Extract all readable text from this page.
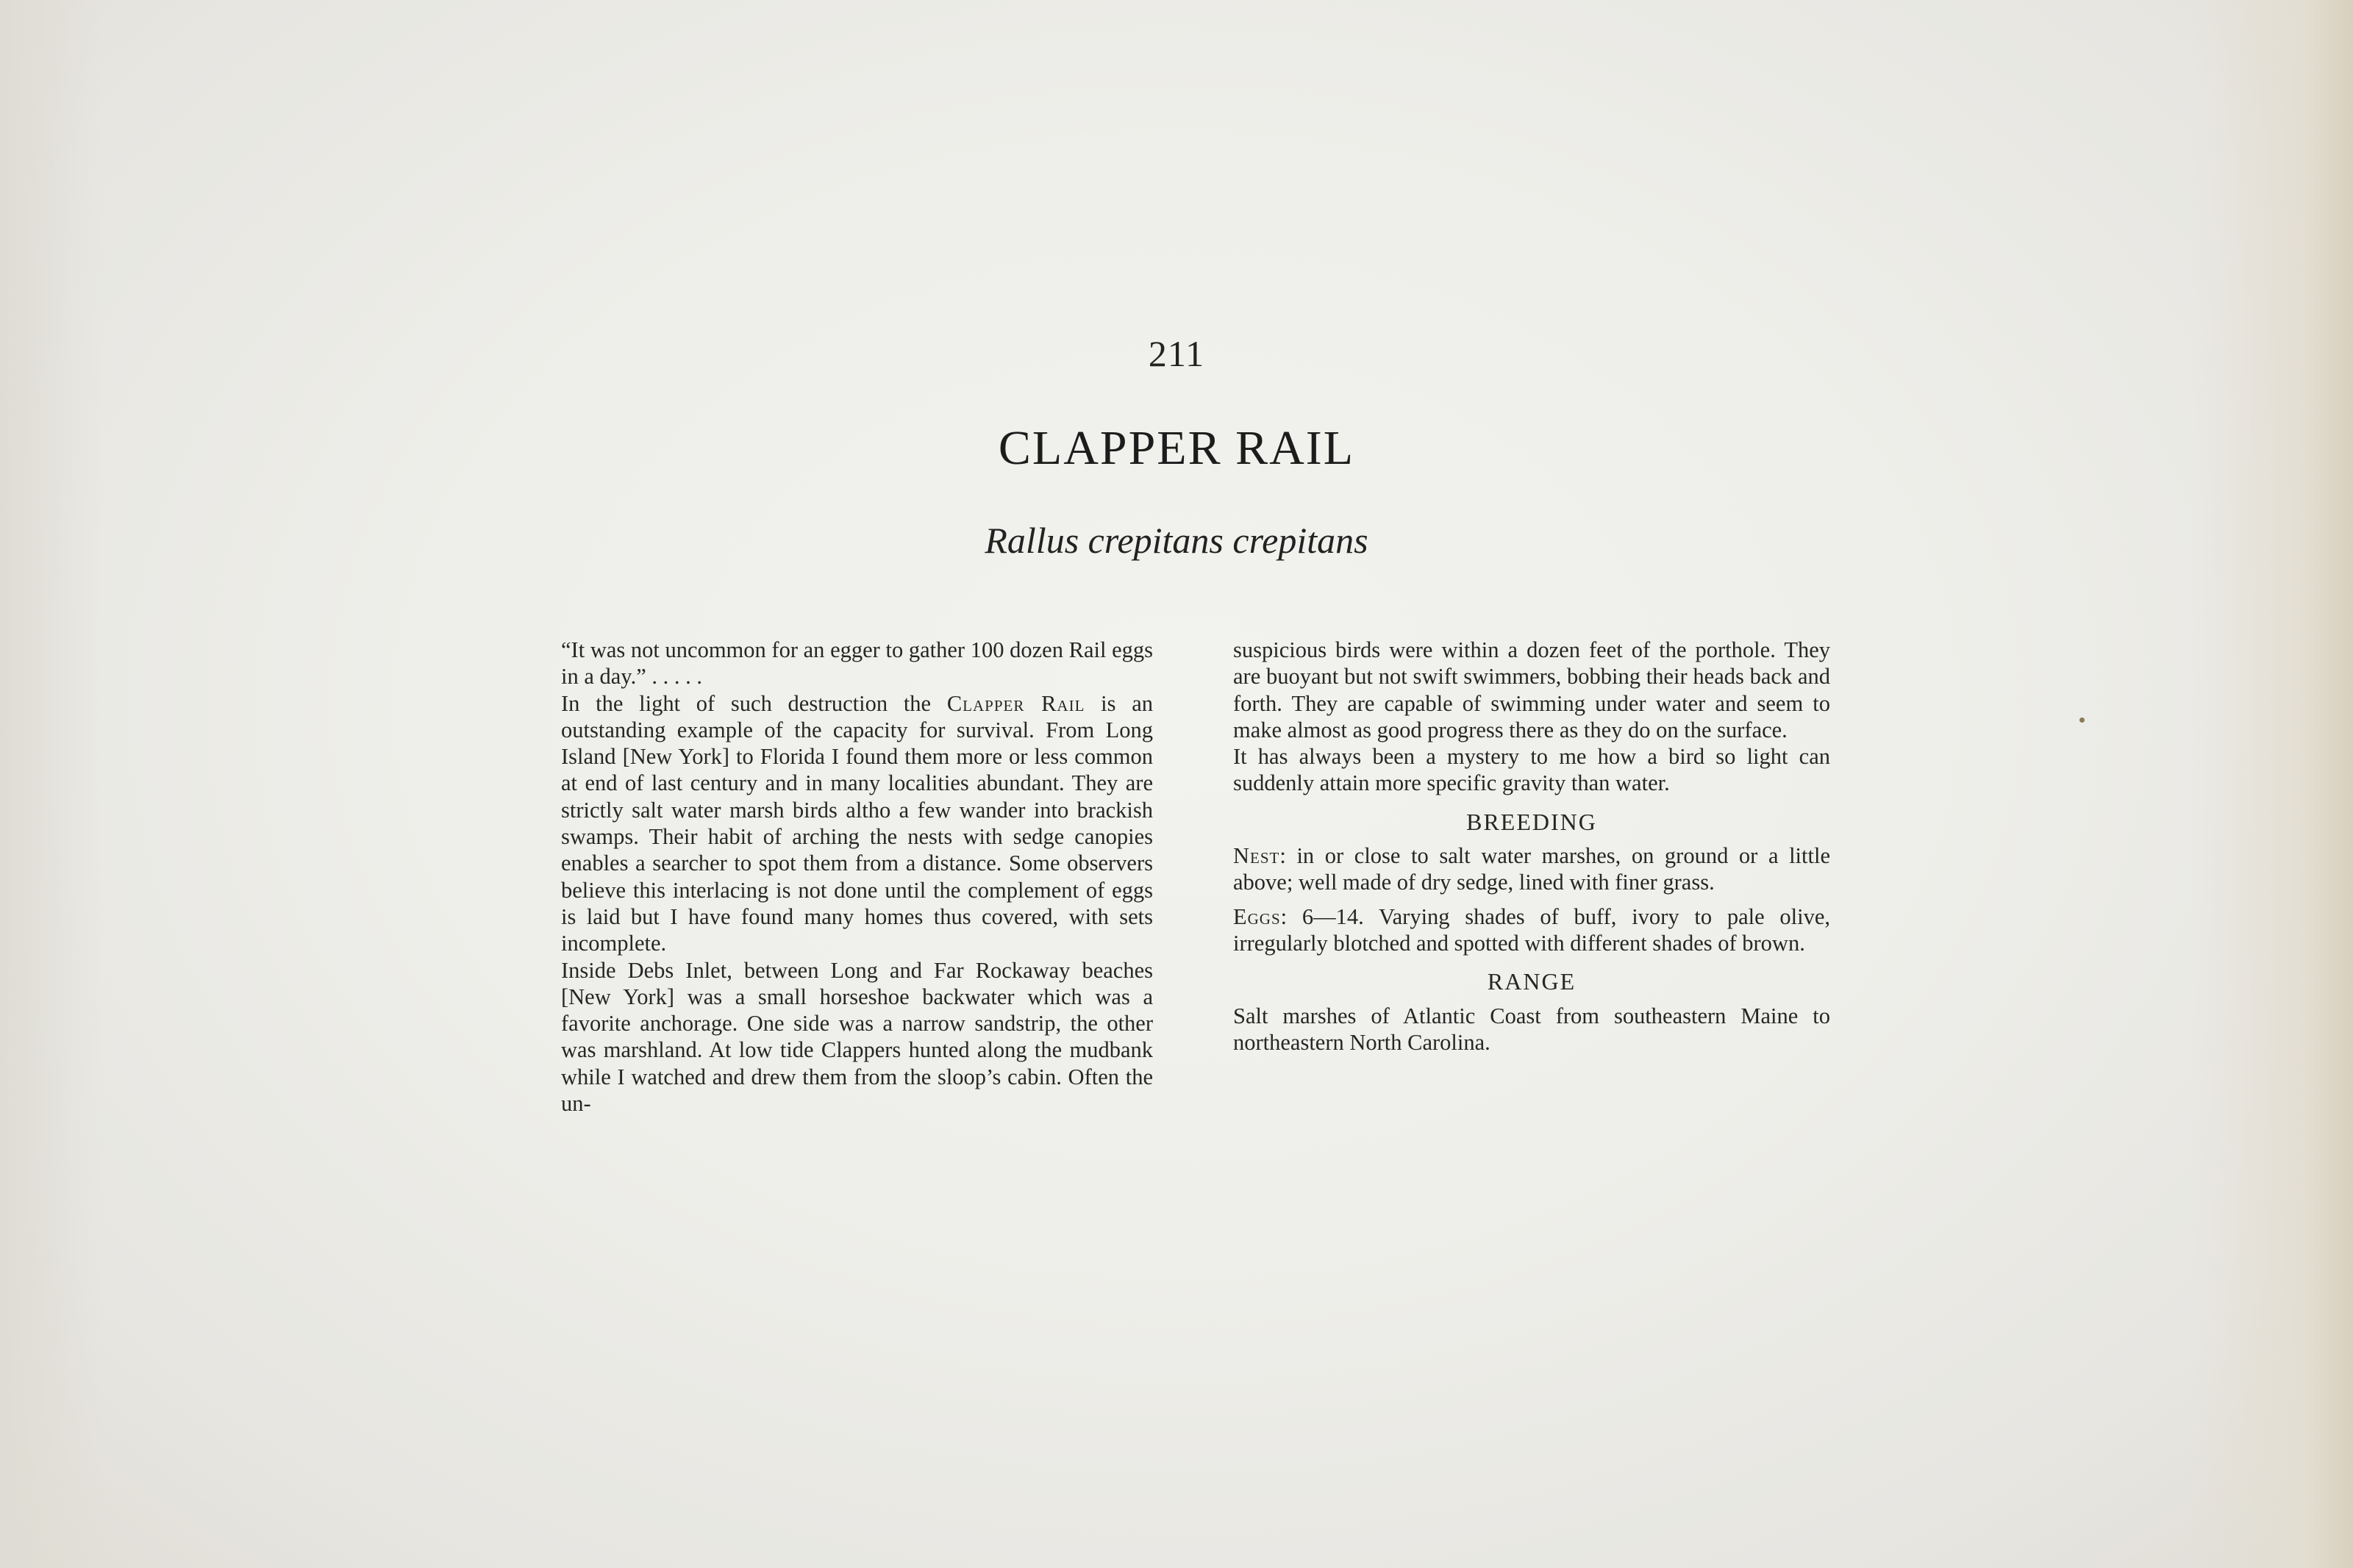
211
CLAPPER RAIL
Rallus crepitans crepitans

“It was not uncommon for an egger to gather 100 dozen Rail eggs in a day.” . . . . .

In the light of such destruction the Clapper Rail is an outstanding example of the capacity for survival. From Long Island [New York] to Florida I found them more or less common at end of last century and in many localities abundant. They are strictly salt water marsh birds altho a few wander into brackish swamps. Their habit of arching the nests with sedge canopies enables a searcher to spot them from a distance. Some observers believe this interlacing is not done until the complement of eggs is laid but I have found many homes thus covered, with sets incomplete.

Inside Debs Inlet, between Long and Far Rockaway beaches [New York] was a small horseshoe backwater which was a favorite anchorage. One side was a narrow sandstrip, the other was marshland. At low tide Clappers hunted along the mudbank while I watched and drew them from the sloop’s cabin. Often the un-

suspicious birds were within a dozen feet of the porthole. They are buoyant but not swift swimmers, bobbing their heads back and forth. They are capable of swimming under water and seem to make almost as good progress there as they do on the surface.

It has always been a mystery to me how a bird so light can suddenly attain more specific gravity than water.

BREEDING

Nest: in or close to salt water marshes, on ground or a little above; well made of dry sedge, lined with finer grass.

Eggs: 6—14. Varying shades of buff, ivory to pale olive, irregularly blotched and spotted with different shades of brown.

RANGE

Salt marshes of Atlantic Coast from southeastern Maine to northeastern North Carolina.
